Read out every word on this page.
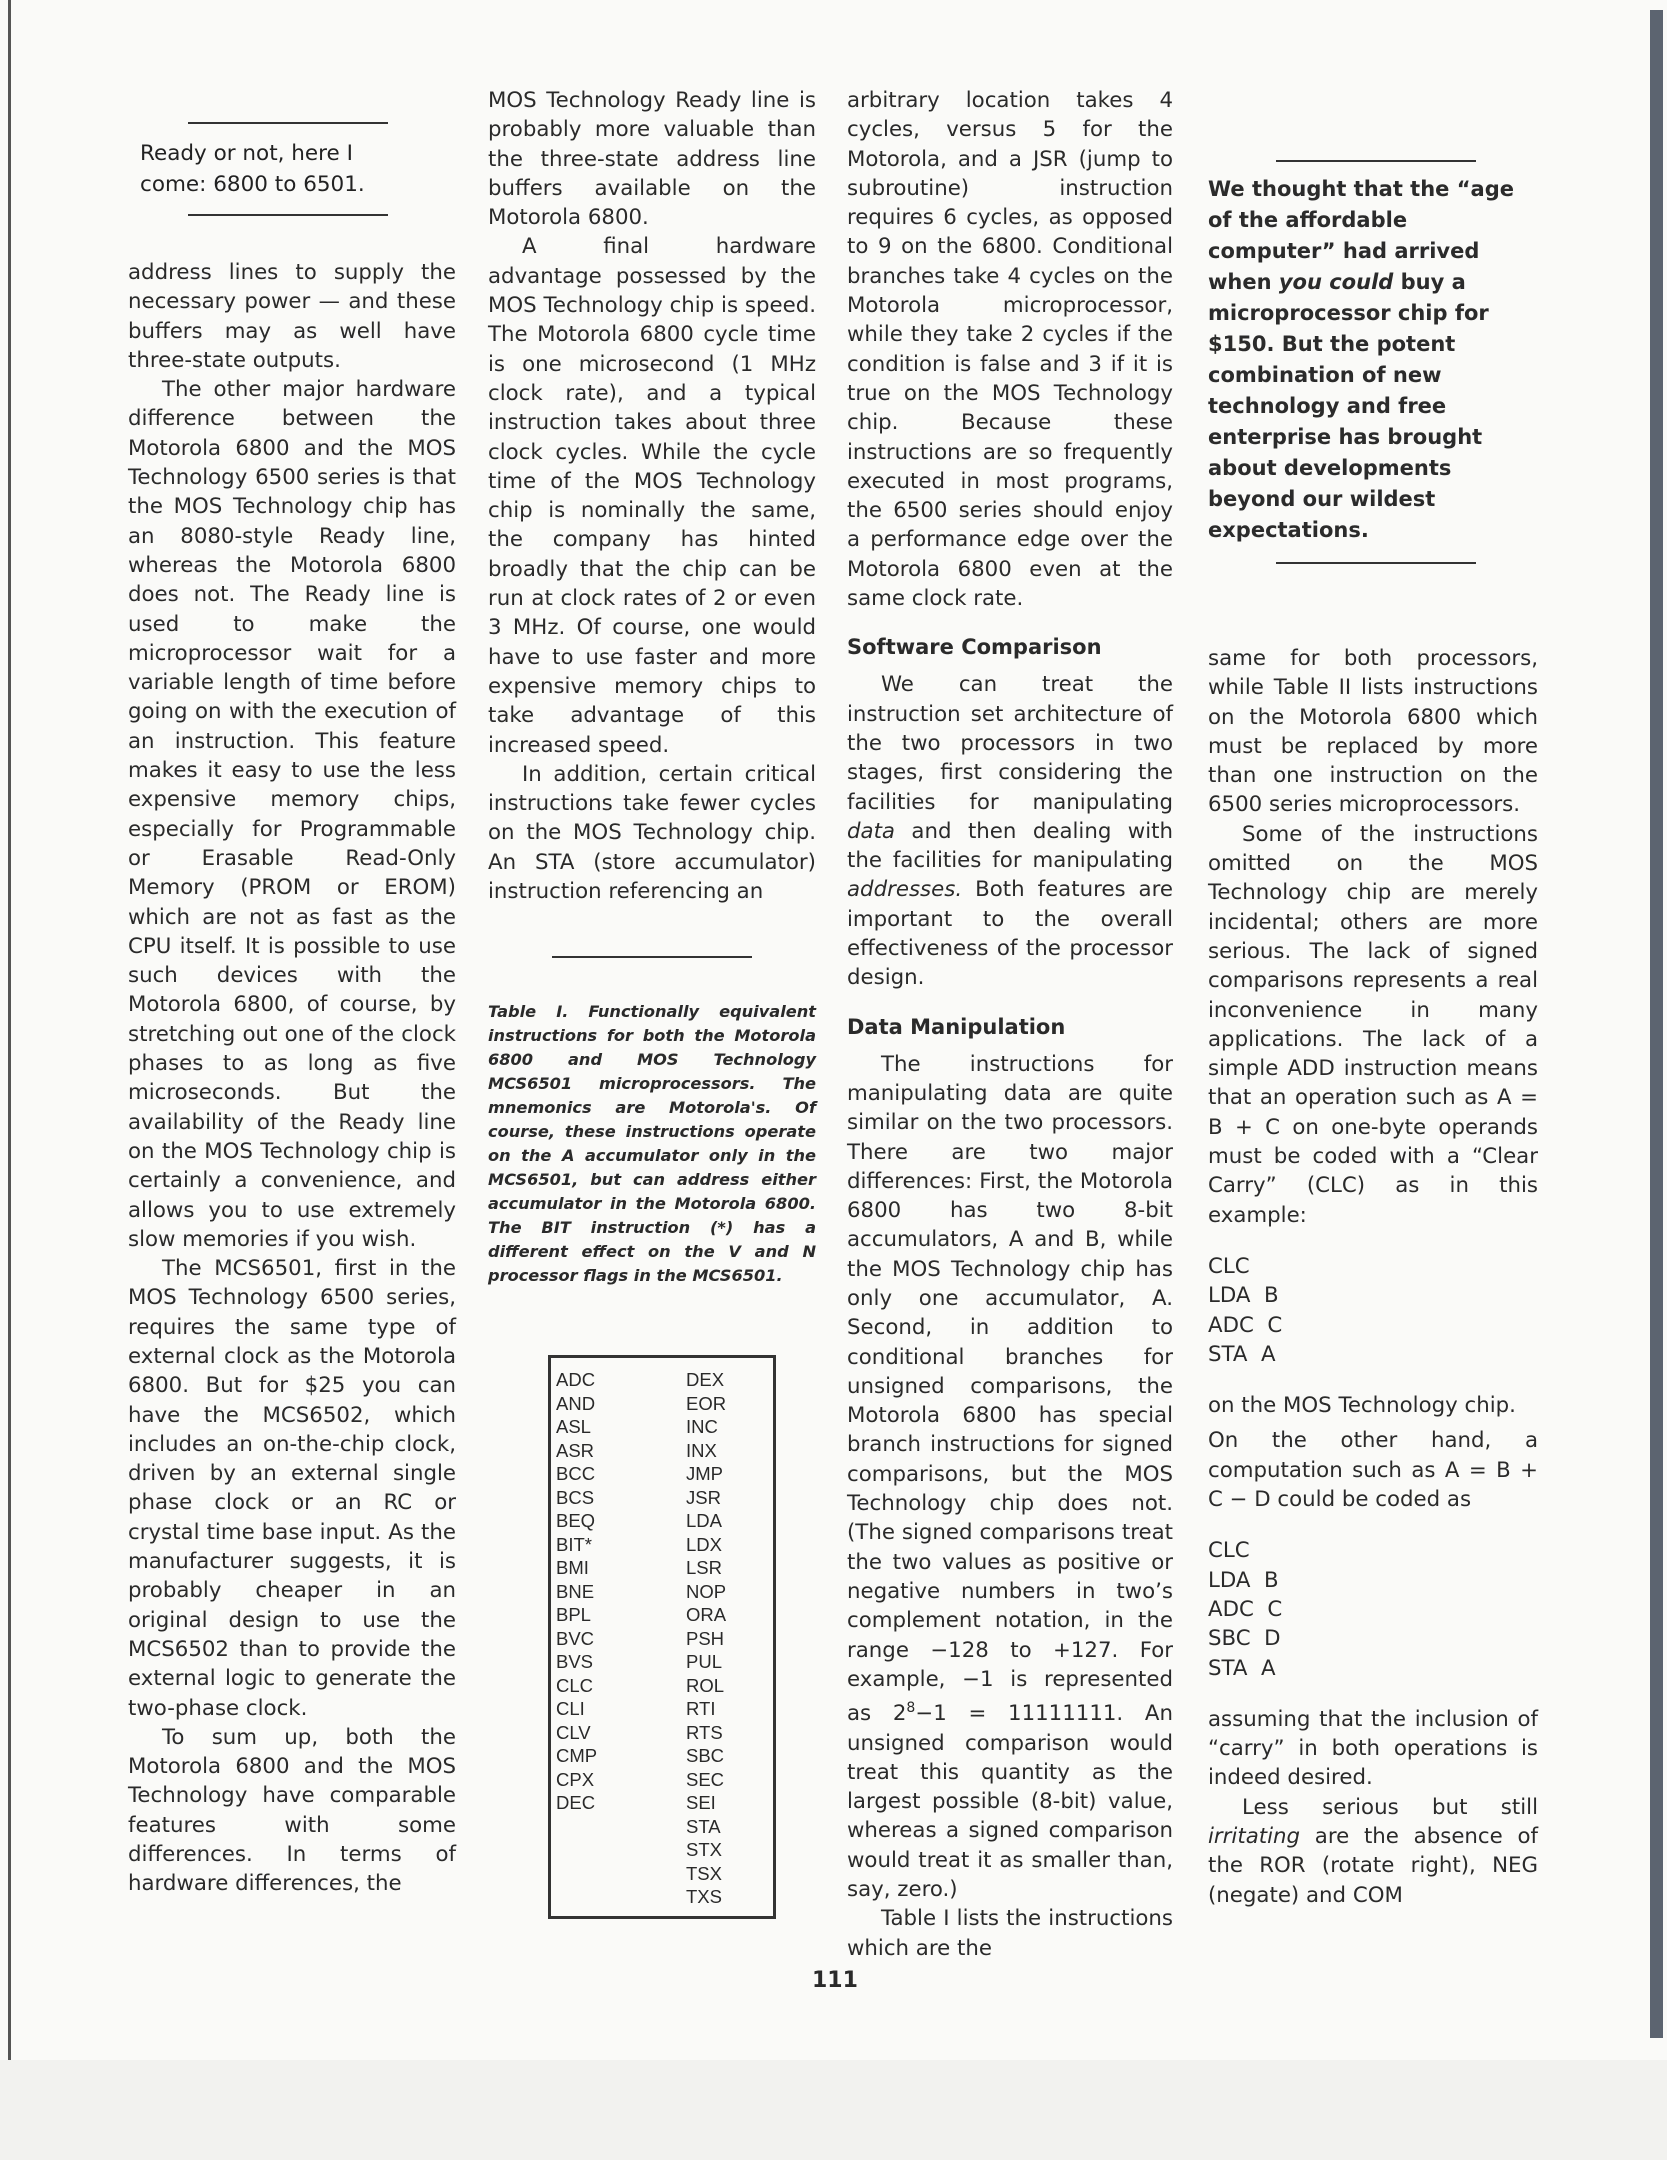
Ready or not, here I come: 6800 to 6501.

address lines to supply the necessary power — and these buffers may as well have three-state outputs.

The other major hardware difference between the Motorola 6800 and the MOS Technology 6500 series is that the MOS Technology chip has an 8080-style Ready line, whereas the Motorola 6800 does not. The Ready line is used to make the microprocessor wait for a variable length of time before going on with the execution of an instruction. This feature makes it easy to use the less expensive memory chips, especially for Programmable or Erasable Read-Only Memory (PROM or EROM) which are not as fast as the CPU itself. It is possible to use such devices with the Motorola 6800, of course, by stretching out one of the clock phases to as long as five microseconds. But the availability of the Ready line on the MOS Technology chip is certainly a convenience, and allows you to use extremely slow memories if you wish.

The MCS6501, first in the MOS Technology 6500 series, requires the same type of external clock as the Motorola 6800. But for $25 you can have the MCS6502, which includes an on-the-chip clock, driven by an external single phase clock or an RC or crystal time base input. As the manufacturer suggests, it is probably cheaper in an original design to use the MCS6502 than to provide the external logic to generate the two-phase clock.

To sum up, both the Motorola 6800 and the MOS Technology have comparable features with some differences. In terms of hardware differences, the

MOS Technology Ready line is probably more valuable than the three-state address line buffers available on the Motorola 6800.

A final hardware advantage possessed by the MOS Technology chip is speed. The Motorola 6800 cycle time is one microsecond (1 MHz clock rate), and a typical instruction takes about three clock cycles. While the cycle time of the MOS Technology chip is nominally the same, the company has hinted broadly that the chip can be run at clock rates of 2 or even 3 MHz. Of course, one would have to use faster and more expensive memory chips to take advantage of this increased speed.

In addition, certain critical instructions take fewer cycles on the MOS Technology chip. An STA (store accumulator) instruction referencing an

Table I. Functionally equivalent instructions for both the Motorola 6800 and MOS Technology MCS6501 microprocessors. The mnemonics are Motorola's. Of course, these instructions operate on the A accumulator only in the MCS6501, but can address either accumulator in the Motorola 6800. The BIT instruction (*) has a different effect on the V and N processor flags in the MCS6501.
ADC
AND
ASL
ASR
BCC
BCS
BEQ
BIT*
BMI
BNE
BPL
BVC
BVS
CLC
CLI
CLV
CMP
CPX
DEC
DEX
EOR
INC
INX
JMP
JSR
LDA
LDX
LSR
NOP
ORA
PSH
PUL
ROL
RTI
RTS
SBC
SEC
SEI
STA
STX
TSX
TXS

arbitrary location takes 4 cycles, versus 5 for the Motorola, and a JSR (jump to subroutine) instruction requires 6 cycles, as opposed to 9 on the 6800. Conditional branches take 4 cycles on the Motorola microprocessor, while they take 2 cycles if the condition is false and 3 if it is true on the MOS Technology chip. Because these instructions are so frequently executed in most programs, the 6500 series should enjoy a performance edge over the Motorola 6800 even at the same clock rate.

Software Comparison

We can treat the instruction set architecture of the two processors in two stages, first considering the facilities for manipulating data and then dealing with the facilities for manipulating addresses. Both features are important to the overall effectiveness of the processor design.

Data Manipulation

The instructions for manipulating data are quite similar on the two processors. There are two major differences: First, the Motorola 6800 has two 8-bit accumulators, A and B, while the MOS Technology chip has only one accumulator, A. Second, in addition to conditional branches for unsigned comparisons, the Motorola 6800 has special branch instructions for signed comparisons, but the MOS Technology chip does not. (The signed comparisons treat the two values as positive or negative numbers in two’s complement notation, in the range −128 to +127. For example, −1 is represented as $2^8-1 = 11111111$. An unsigned comparison would treat this quantity as the largest possible (8-bit) value, whereas a signed comparison would treat it as smaller than, say, zero.)

Table I lists the instructions which are the

We thought that the “age of the affordable computer” had arrived when you could buy a microprocessor chip for $150. But the potent combination of new technology and free enterprise has brought about developments beyond our wildest expectations.

same for both processors, while Table II lists instructions on the Motorola 6800 which must be replaced by more than one instruction on the 6500 series microprocessors.

Some of the instructions omitted on the MOS Technology chip are merely incidental; others are more serious. The lack of signed comparisons represents a real inconvenience in many applications. The lack of a simple ADD instruction means that an operation such as A = B + C on one-byte operands must be coded with a “Clear Carry” (CLC) as in this example:

CLC
LDA  B
ADC  C
STA  A

on the MOS Technology chip.

On the other hand, a computation such as A = B + C − D could be coded as

CLC
LDA  B
ADC  C
SBC  D
STA  A

assuming that the inclusion of “carry” in both operations is indeed desired.

Less serious but still irritating are the absence of the ROR (rotate right), NEG (negate) and COM

111
